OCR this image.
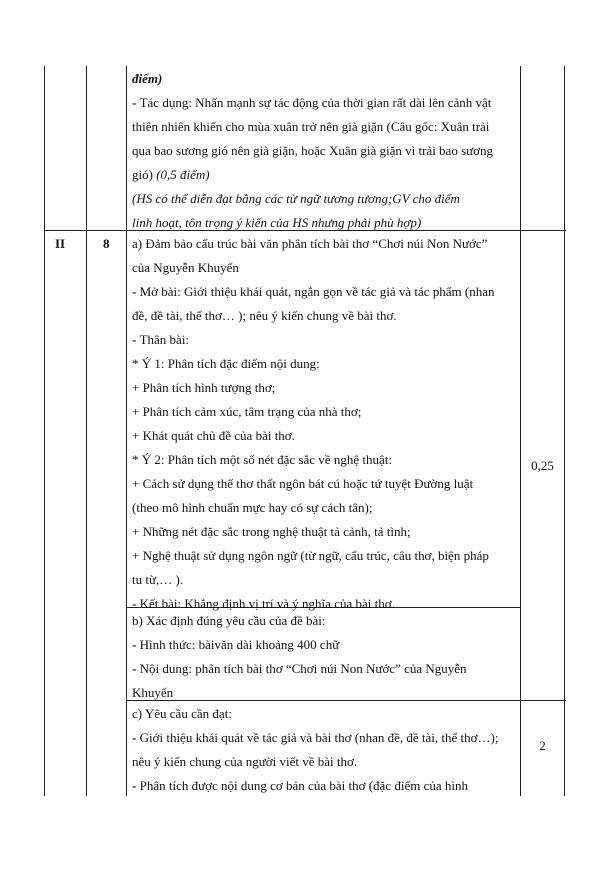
điểm)

- Tác dụng: Nhấn mạnh sự tác động của thời gian rất dài lên cảnh vật

thiên nhiên khiến cho mùa xuân trở nên già giặn (Câu gốc: Xuân trải

qua bao sương gió nên già giặn, hoặc Xuân già giặn vì trải bao sương

gió) (0,5 điểm)

(HS có thể diễn đạt bằng các từ ngữ tương tương;GV cho điểm

linh hoạt, tôn trọng ý kiến của HS nhưng phải phù hợp)

II	8 a) Đảm bảo cấu trúc bài văn phân tích bài thơ “Chơi núi Non Nước”

của Nguyễn Khuyến

- Mở bài: Giới thiệu khái quát, ngắn gọn về tác giả và tác phẩm (nhan

đề, đề tài, thể thơ… ); nêu ý kiến chung về bài thơ.

- Thân bài:

* Ý 1: Phân tích đặc điểm nội dung:

+ Phân tích hình tượng thơ;

+ Phân tích cảm xúc, tâm trạng của nhà thơ;

+ Khát quát chủ đề của bài thơ.

* Ý 2: Phân tích một số nét đặc sắc về nghệ thuật:

+ Cách sử dụng thể thơ thất ngôn bát cú hoặc tứ tuyệt Đường luật

(theo mô hình chuẩn mực hay có sự cách tân);

+ Những nét đặc sắc trong nghệ thuật tả cảnh, tả tình;

+ Nghệ thuật sử dụng ngôn ngữ (từ ngữ, cấu trúc, câu thơ, biện pháp

tu từ,… ).

- Kết bài: Khẳng định vị trí và ý nghĩa của bài thơ.

0,25

b) Xác định đúng yêu cầu của đề bài:

- Hình thức: bàivăn dài khoảng 400 chữ

- Nội dung: phân tích bài thơ “Chơi núi Non Nước” của Nguyễn

Khuyến

c) Yêu cầu cần đạt:

- Giới thiệu khái quát về tác giả và bài thơ (nhan đề, đề tài, thể thơ…);

nêu ý kiến chung của người viết về bài thơ.

- Phân tích được nội dung cơ bản của bài thơ (đặc điểm của hình

2
